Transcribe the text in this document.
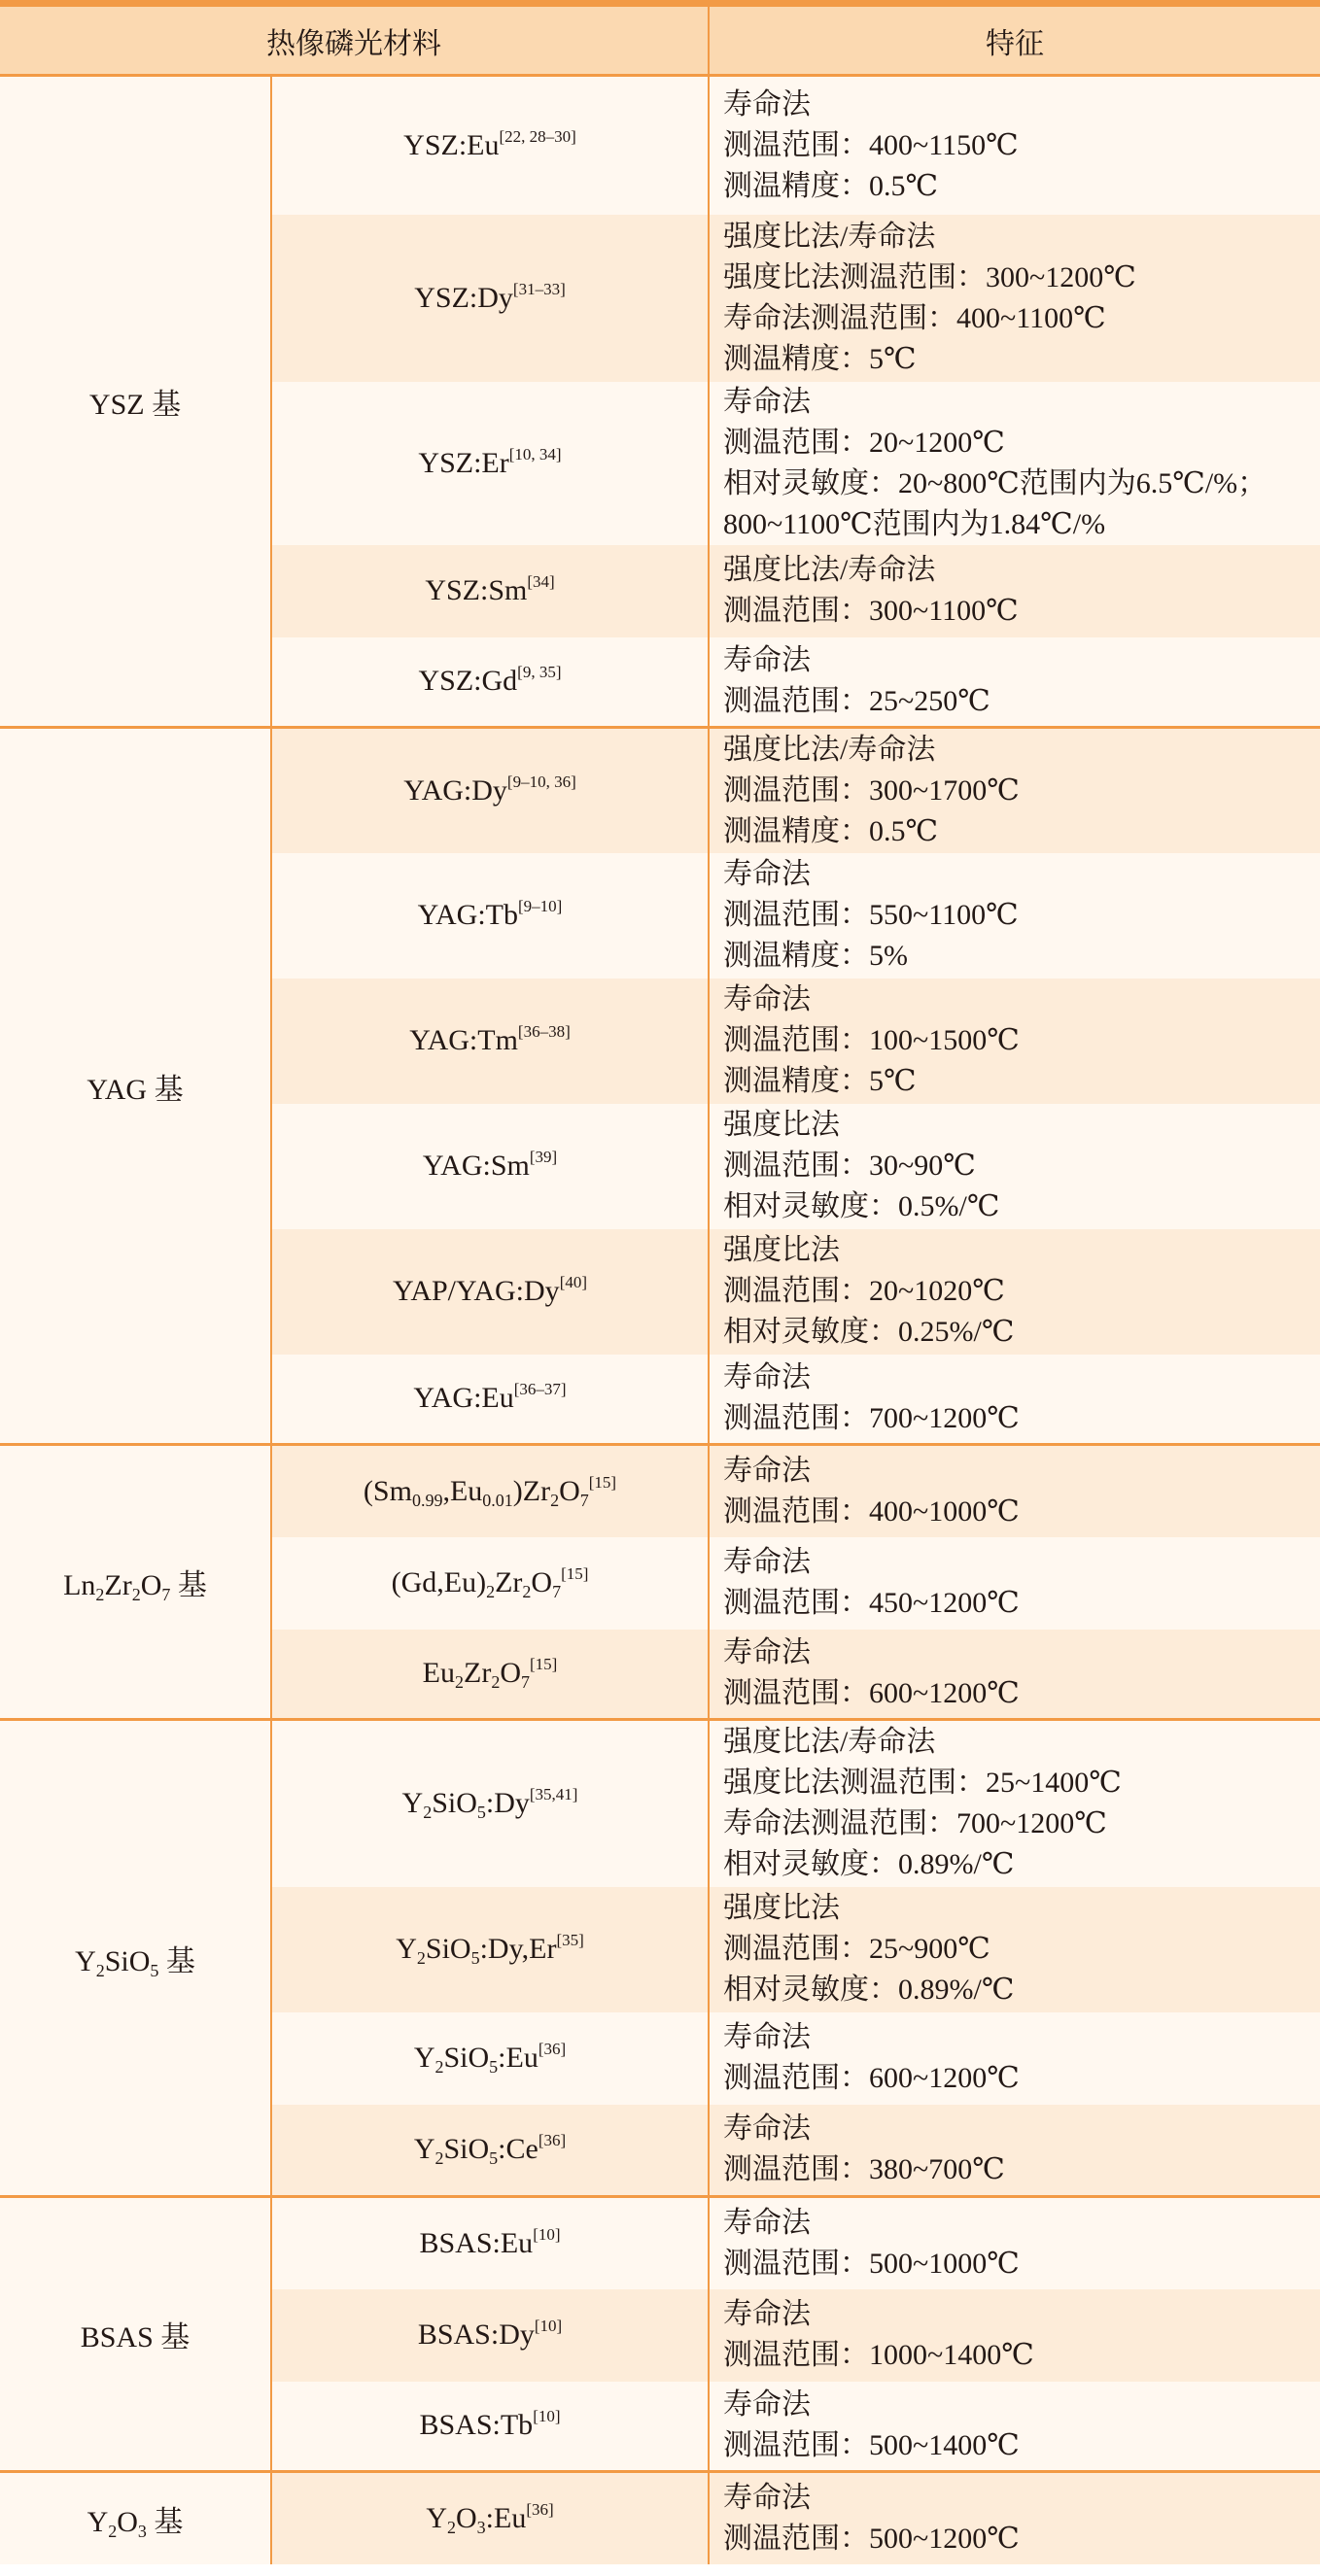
热像磷光材料		特征
YSZ 基	YSZ:Eu[22, 28–30]	寿命法
测温范围：400~1150℃
测温精度：0.5℃

	YSZ:Dy[31–33]	强度比法/寿命法
强度比法测温范围：300~1200℃
寿命法测温范围：400~1100℃
测温精度：5℃

	YSZ:Er[10, 34]	寿命法
测温范围：20~1200℃
相对灵敏度：20~800℃范围内为6.5℃/%；
800~1100℃范围内为1.84℃/%

	YSZ:Sm[34]	强度比法/寿命法
测温范围：300~1100℃

	YSZ:Gd[9, 35]	寿命法
测温范围：25~250℃

YAG 基	YAG:Dy[9–10, 36]	强度比法/寿命法
测温范围：300~1700℃
测温精度：0.5℃

	YAG:Tb[9–10]	寿命法
测温范围：550~1100℃
测温精度：5%

	YAG:Tm[36–38]	寿命法
测温范围：100~1500℃
测温精度：5℃

	YAG:Sm[39]	强度比法
测温范围：30~90℃
相对灵敏度：0.5%/℃

	YAP/YAG:Dy[40]	强度比法
测温范围：20~1020℃
相对灵敏度：0.25%/℃

	YAG:Eu[36–37]	寿命法
测温范围：700~1200℃

$Ln_2Zr_2O_7$ 基	$(Sm_{0.99},Eu_{0.01})Zr_2O_7[15]$	寿命法
测温范围：400~1000℃

	$(Gd,Eu)_2Zr_2O_7[15]$	寿命法
测温范围：450~1200℃

	$Eu_2Zr_2O_7[15]$	寿命法
测温范围：600~1200℃

$Y_2SiO_5$ 基	$Y_2SiO_5:Dy[35,41]$	强度比法/寿命法
强度比法测温范围：25~1400℃
寿命法测温范围：700~1200℃
相对灵敏度：0.89%/℃

	$Y_2SiO_5:Dy,Er[35]$	强度比法
测温范围：25~900℃
相对灵敏度：0.89%/℃

	$Y_2SiO_5:Eu[36]$	寿命法
测温范围：600~1200℃

	$Y_2SiO_5:Ce[36]$	寿命法
测温范围：380~700℃

BSAS 基	BSAS:Eu[10]	寿命法
测温范围：500~1000℃

	BSAS:Dy[10]	寿命法
测温范围：1000~1400℃

	BSAS:Tb[10]	寿命法
测温范围：500~1400℃

$Y_2O_3$ 基	$Y_2O_3:Eu[36]$	寿命法
测温范围：500~1200℃
